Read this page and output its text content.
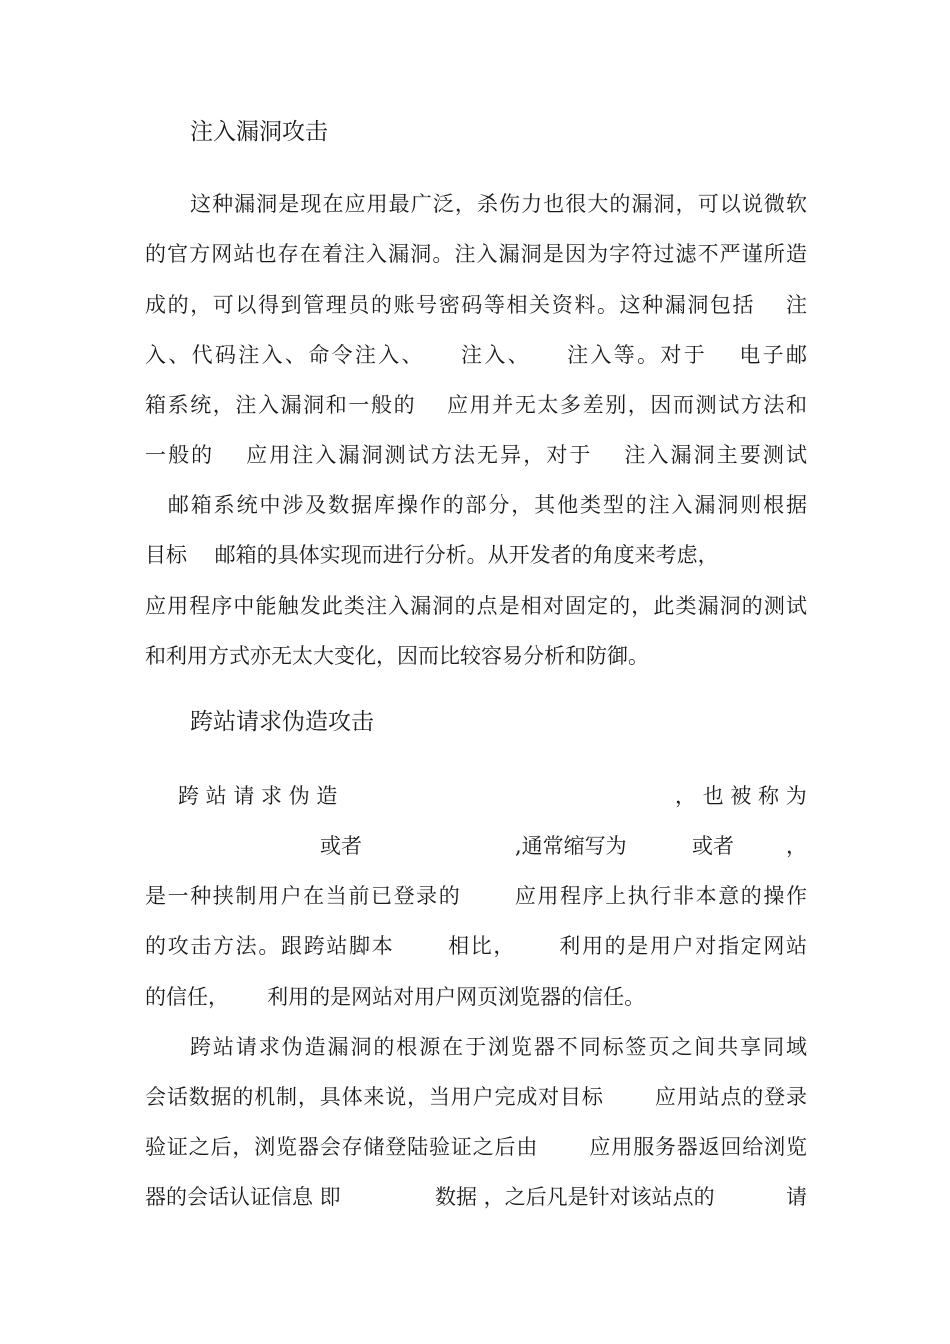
注入漏洞攻击

这种漏洞是现在应用最广泛，杀伤力也很大的漏洞，可以说微软

的官方网站也存在着注入漏洞。注入漏洞是因为字符过滤不严谨所造

成的，可以得到管理员的账号密码等相关资料。这种漏洞包括　 注

入、代码注入、命令注入、　　注入、　　注入等。对于　 电子邮

箱系统，注入漏洞和一般的　 应用并无太多差别，因而测试方法和

一般的　 应用注入漏洞测试方法无异，对于　 注入漏洞主要测试

　邮箱系统中涉及数据库操作的部分，其他类型的注入漏洞则根据

目标　 邮箱的具体实现而进行分析。从开发者的角度来考虑，

应用程序中能触发此类注入漏洞的点是相对固定的，此类漏洞的测试

和利用方式亦无太大变化，因而比较容易分析和防御。

跨站请求伪造攻击

跨 站 请 求 伪 造	， 也 被 称 为

或者	,通常缩写为	或者 ，

是一种挟制用户在当前已登录的　　 应用程序上执行非本意的操作

的攻击方法。跟跨站脚本　　 相比，　　 利用的是用户对指定网站

的信任，　　 利用的是网站对用户网页浏览器的信任。

跨站请求伪造漏洞的根源在于浏览器不同标签页之间共享同域

会话数据的机制，具体来说，当用户完成对目标　　 应用站点的登录

验证之后，浏览器会存储登陆验证之后由　　 应用服务器返回给浏览

器的会话认证信息 即	数据 ，之后凡是针对该站点的	请
